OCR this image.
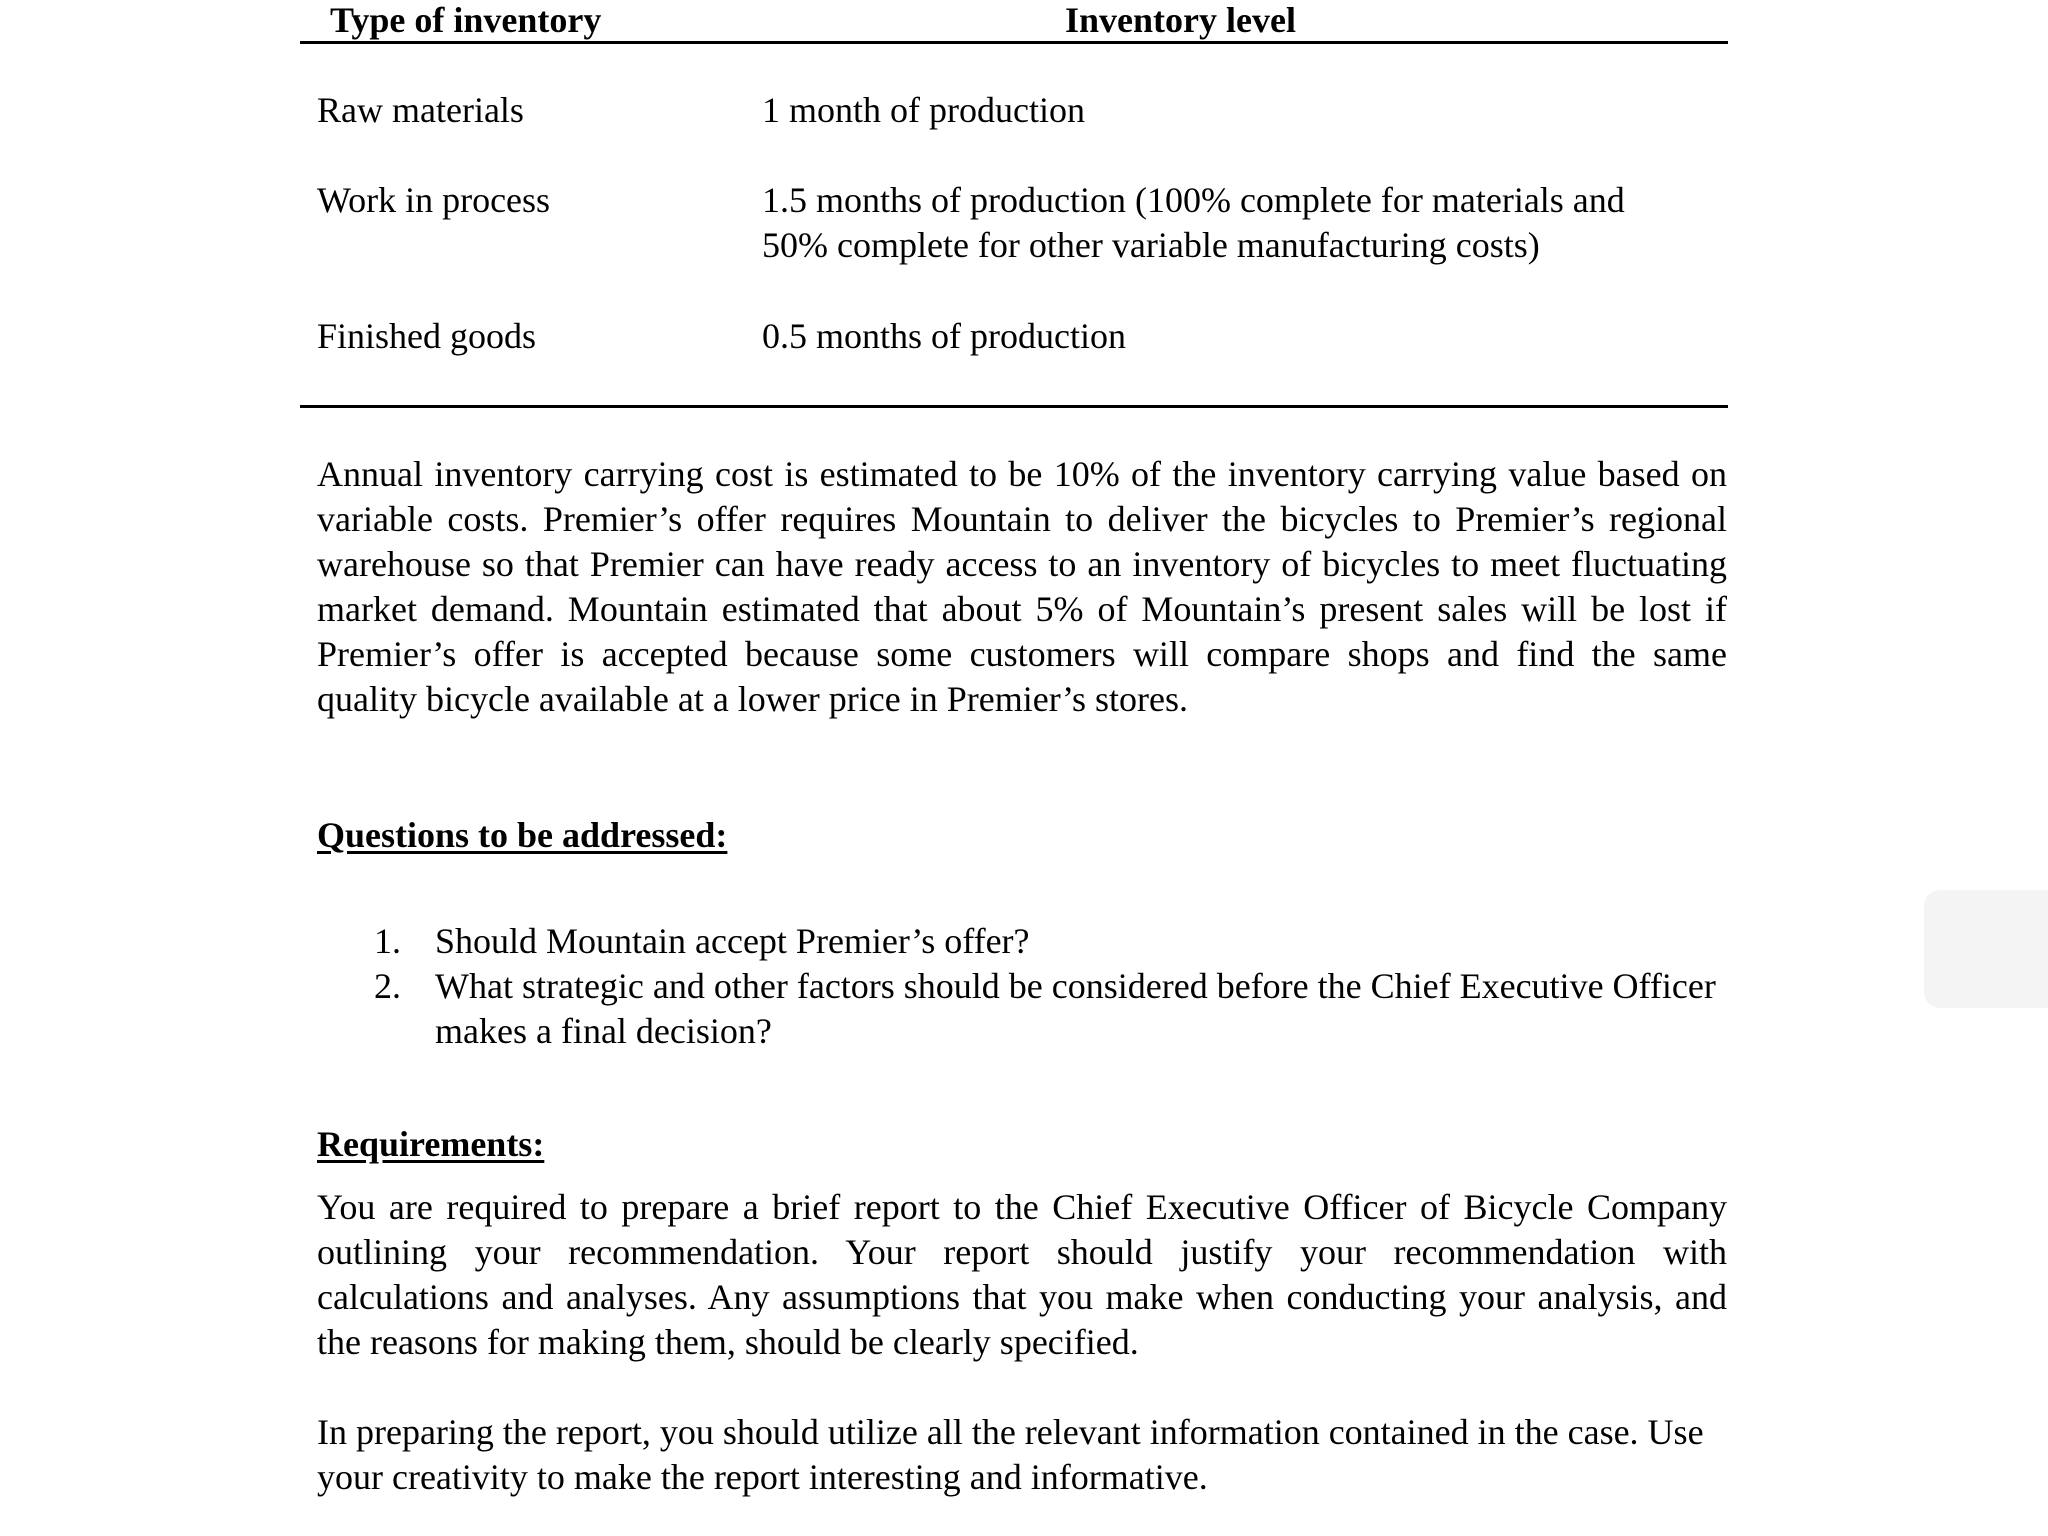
Type of inventory	Inventory level
Raw materials	1 month of production
Work in process	1.5 months of production (100% complete for materials and
50% complete for other variable manufacturing costs)
Finished goods	0.5 months of production

Annual inventory carrying cost is estimated to be 10% of the inventory carrying value based on variable costs. Premier’s offer requires Mountain to deliver the bicycles to Premier’s regional warehouse so that Premier can have ready access to an inventory of bicycles to meet fluctuating market demand. Mountain estimated that about 5% of Mountain’s present sales will be lost if Premier’s offer is accepted because some customers will compare shops and find the same quality bicycle available at a lower price in Premier’s stores.

Questions to be addressed:

1. Should Mountain accept Premier’s offer?
2. What strategic and other factors should be considered before the Chief Executive Officer makes a final decision?

Requirements:

You are required to prepare a brief report to the Chief Executive Officer of Bicycle Company outlining your recommendation. Your report should justify your recommendation with calculations and analyses. Any assumptions that you make when conducting your analysis, and the reasons for making them, should be clearly specified.

In preparing the report, you should utilize all the relevant information contained in the case. Use your creativity to make the report interesting and informative.
